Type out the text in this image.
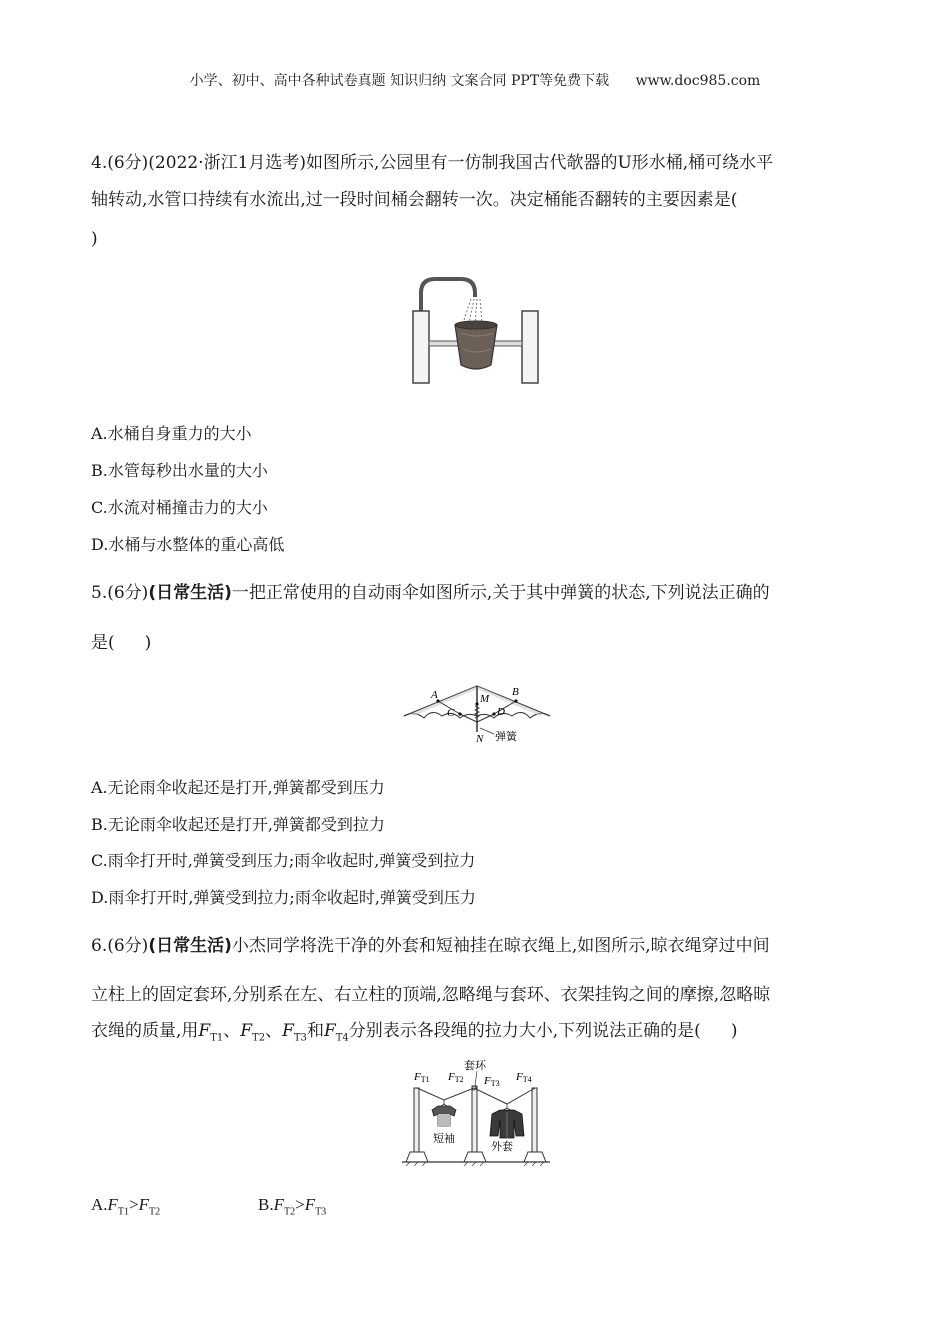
小学、初中、高中各种试卷真题 知识归纳 文案合同 PPT等免费下载 www.doc985.com
4.(6分)(2022·浙江1月选考)如图所示,公园里有一仿制我国古代欹器的U形水桶,桶可绕水平
轴转动,水管口持续有水流出,过一段时间桶会翻转一次。决定桶能否翻转的主要因素是(
)
A.水桶自身重力的大小
B.水管每秒出水量的大小
C.水流对桶撞击力的大小
D.水桶与水整体的重心高低
5.(6分)(日常生活)一把正常使用的自动雨伞如图所示,关于其中弹簧的状态,下列说法正确的
是( )
A	B
M
C	D
N 弹簧
A.无论雨伞收起还是打开,弹簧都受到压力
B.无论雨伞收起还是打开,弹簧都受到拉力
C.雨伞打开时,弹簧受到压力;雨伞收起时,弹簧受到拉力
D.雨伞打开时,弹簧受到拉力;雨伞收起时,弹簧受到压力
6.(6分)(日常生活)小杰同学将洗干净的外套和短袖挂在晾衣绳上,如图所示,晾衣绳穿过中间
立柱上的固定套环,分别系在左、右立柱的顶端,忽略绳与套环、衣架挂钩之间的摩擦,忽略晾
衣绳的质量,用$F_{T1}$、$F_{T2}$、$F_{T3}$和$F_{T4}$分别表示各段绳的拉力大小,下列说法正确的是( )
FT1 FT2 FT3
FT4
套环
短袖
外套
$A.F_{T1}>F_{T2}$	$B.F_{T2}>F_{T3}$
